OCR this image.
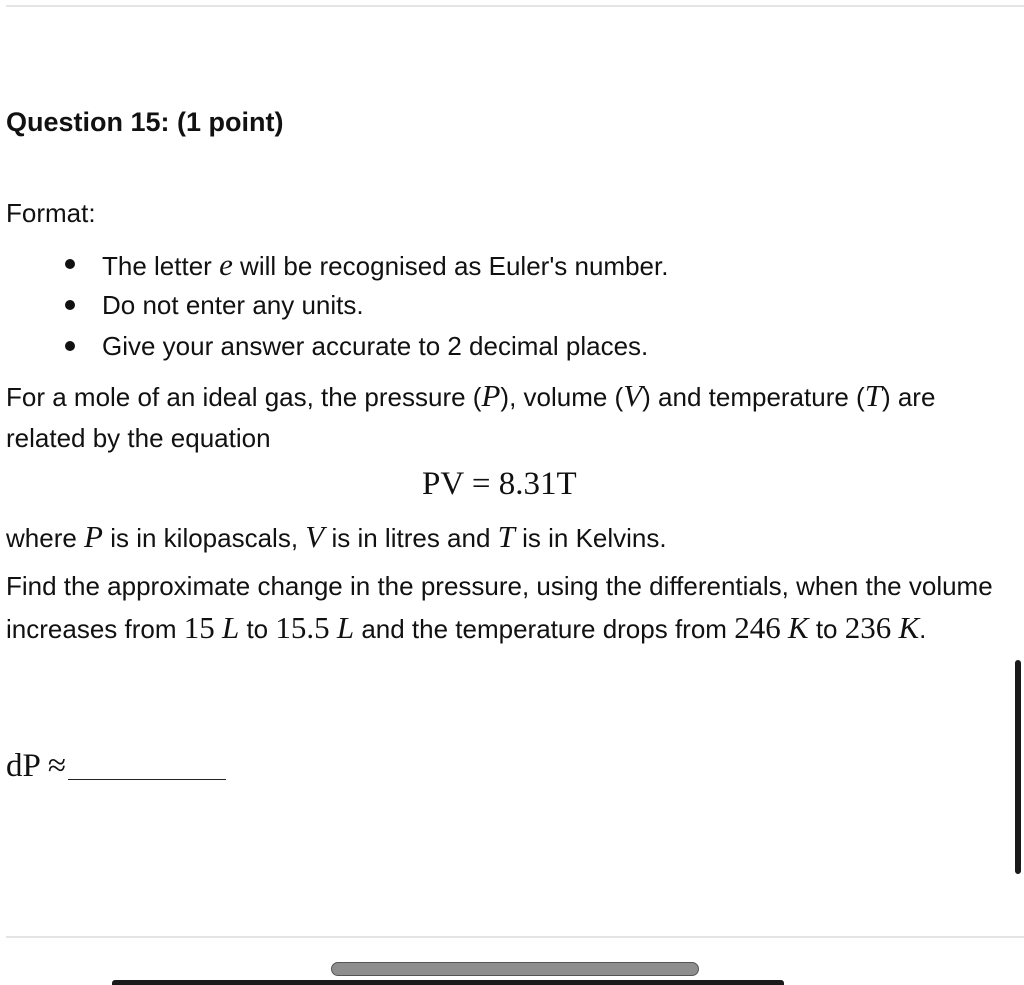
Question 15: (1 point)
Format:
The letter e will be recognised as Euler's number.
Do not enter any units.
Give your answer accurate to 2 decimal places.
For a mole of an ideal gas, the pressure (P), volume (V) and temperature (T) are related by the equation
PV = 8.31T
where P is in kilopascals, V is in litres and T is in Kelvins.
Find the approximate change in the pressure, using the differentials, when the volume increases from 15 L to 15.5 L and the temperature drops from 246 K to 236 K.
dP ≈
